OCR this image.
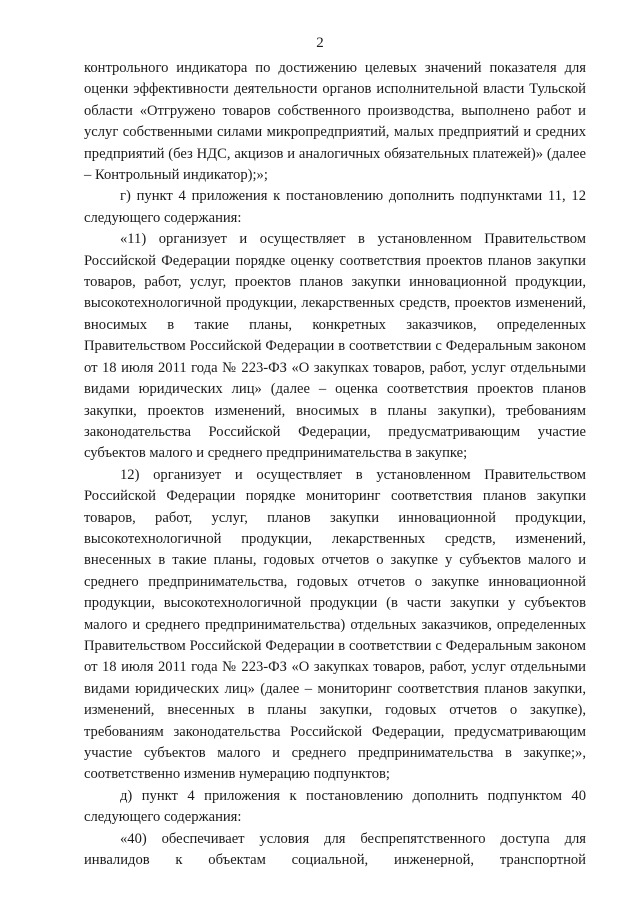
2

контрольного индикатора по достижению целевых значений показателя для оценки эффективности деятельности органов исполнительной власти Тульской области «Отгружено товаров собственного производства, выполнено работ и услуг собственными силами микропредприятий, малых предприятий и средних предприятий (без НДС, акцизов и аналогичных обязательных платежей)» (далее – Контрольный индикатор);»;

г) пункт 4 приложения к постановлению дополнить подпунктами 11, 12 следующего содержания:

«11) организует и осуществляет в установленном Правительством Российской Федерации порядке оценку соответствия проектов планов закупки товаров, работ, услуг, проектов планов закупки инновационной продукции, высокотехнологичной продукции, лекарственных средств, проектов изменений, вносимых в такие планы, конкретных заказчиков, определенных Правительством Российской Федерации в соответствии с Федеральным законом от 18 июля 2011 года № 223-ФЗ «О закупках товаров, работ, услуг отдельными видами юридических лиц» (далее – оценка соответствия проектов планов закупки, проектов изменений, вносимых в планы закупки), требованиям законодательства Российской Федерации, предусматривающим участие субъектов малого и среднего предпринимательства в закупке;

12) организует и осуществляет в установленном Правительством Российской Федерации порядке мониторинг соответствия планов закупки товаров, работ, услуг, планов закупки инновационной продукции, высокотехнологичной продукции, лекарственных средств, изменений, внесенных в такие планы, годовых отчетов о закупке у субъектов малого и среднего предпринимательства, годовых отчетов о закупке инновационной продукции, высокотехнологичной продукции (в части закупки у субъектов малого и среднего предпринимательства) отдельных заказчиков, определенных Правительством Российской Федерации в соответствии с Федеральным законом от 18 июля 2011 года № 223-ФЗ «О закупках товаров, работ, услуг отдельными видами юридических лиц» (далее – мониторинг соответствия планов закупки, изменений, внесенных в планы закупки, годовых отчетов о закупке), требованиям законодательства Российской Федерации, предусматривающим участие субъектов малого и среднего предпринимательства в закупке;», соответственно изменив нумерацию подпунктов;

д) пункт 4 приложения к постановлению дополнить подпунктом 40 следующего содержания:

«40) обеспечивает условия для беспрепятственного доступа для инвалидов к объектам социальной, инженерной, транспортной
